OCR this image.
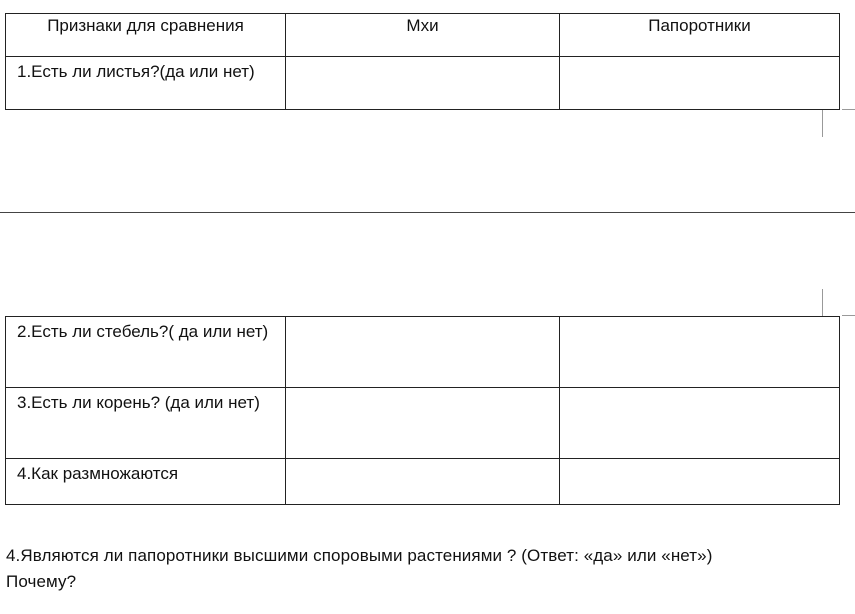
Признаки для сравнения	Мхи	Папоротники
1.Есть ли листья?(да или нет)		
2.Есть ли стебель?( да или нет)		
3.Есть ли корень? (да или нет)		
4.Как размножаются		
4.Являются ли папоротники высшими споровыми растениями ? (Ответ: «да» или «нет»)
Почему?
